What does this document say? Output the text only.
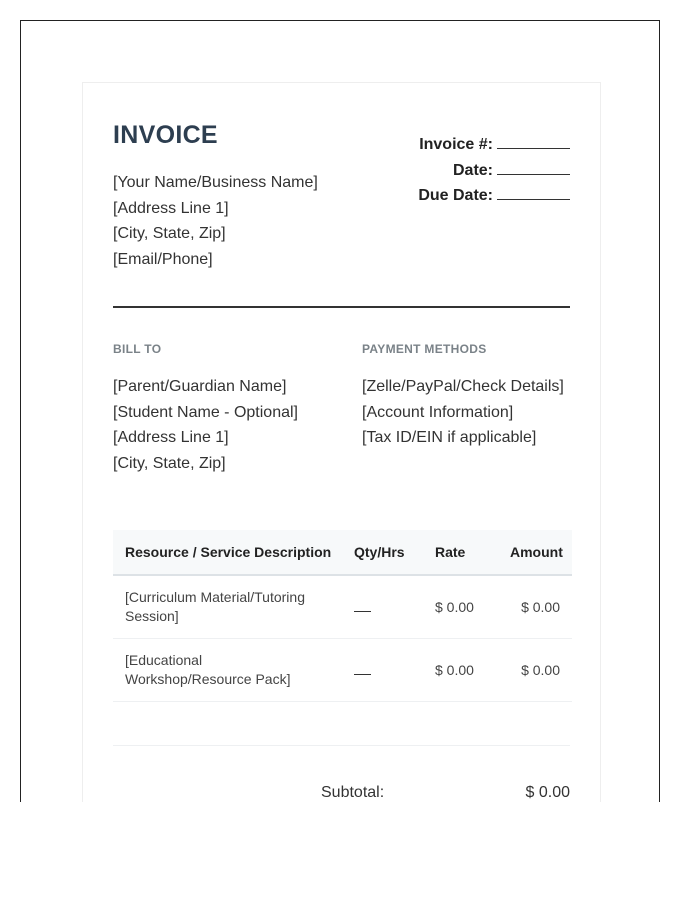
INVOICE
[Your Name/Business Name]
[Address Line 1]
[City, State, Zip]
[Email/Phone]
Invoice #:
Date:
Due Date:
BILL TO	PAYMENT METHODS
[Parent/Guardian Name]
[Student Name - Optional]
[Address Line 1]
[City, State, Zip]
[Zelle/PayPal/Check Details]
[Account Information]
[Tax ID/EIN if applicable]
Resource / Service Description	Qty/Hrs	Rate	Amount
[Curriculum Material/Tutoring Session]		$ 0.00	$ 0.00
[Educational Workshop/Resource Pack]		$ 0.00	$ 0.00
Subtotal:	$ 0.00
